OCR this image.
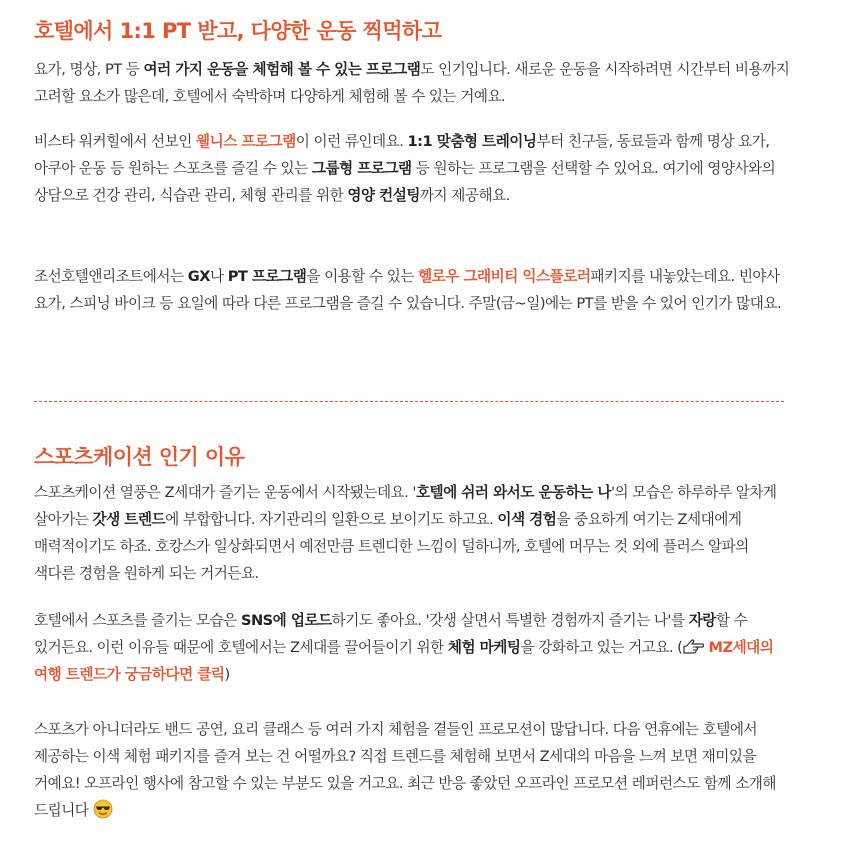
호텔에서 1:1 PT 받고, 다양한 운동 찍먹하고

요가, 명상, PT 등 여러 가지 운동을 체험해 볼 수 있는 프로그램도 인기입니다. 새로운 운동을 시작하려면 시간부터 비용까지 고려할 요소가 많은데, 호텔에서 숙박하며 다양하게 체험해 볼 수 있는 거예요.

비스타 워커힐에서 선보인 웰니스 프로그램이 이런 류인데요. 1:1 맞춤형 트레이닝부터 친구들, 동료들과 함께 명상 요가, 아쿠아 운동 등 원하는 스포츠를 즐길 수 있는 그룹형 프로그램 등 원하는 프로그램을 선택할 수 있어요. 여기에 영양사와의 상담으로 건강 관리, 식습관 관리, 체형 관리를 위한 영양 컨설팅까지 제공해요.

조선호텔앤리조트에서는 GX나 PT 프로그램을 이용할 수 있는 헬로우 그래비티 익스플로러패키지를 내놓았는데요. 빈야사 요가, 스피닝 바이크 등 요일에 따라 다른 프로그램을 즐길 수 있습니다. 주말(금~일)에는 PT를 받을 수 있어 인기가 많대요.

스포츠케이션 인기 이유

스포츠케이션 열풍은 Z세대가 즐기는 운동에서 시작됐는데요. '호텔에 쉬러 와서도 운동하는 나'의 모습은 하루하루 알차게 살아가는 갓생 트렌드에 부합합니다. 자기관리의 일환으로 보이기도 하고요. 이색 경험을 중요하게 여기는 Z세대에게 매력적이기도 하죠. 호캉스가 일상화되면서 예전만큼 트렌디한 느낌이 덜하니까, 호텔에 머무는 것 외에 플러스 알파의 색다른 경험을 원하게 되는 거거든요.

호텔에서 스포츠를 즐기는 모습은 SNS에 업로드하기도 좋아요. '갓생 살면서 특별한 경험까지 즐기는 나'를 자랑할 수 있거든요. 이런 이유들 때문에 호텔에서는 Z세대를 끌어들이기 위한 체험 마케팅을 강화하고 있는 거고요. ( MZ세대의 여행 트렌드가 궁금하다면 클릭)

스포츠가 아니더라도 밴드 공연, 요리 클래스 등 여러 가지 체험을 곁들인 프로모션이 많답니다. 다음 연휴에는 호텔에서 제공하는 이색 체험 패키지를 즐겨 보는 건 어떨까요? 직접 트렌드를 체험해 보면서 Z세대의 마음을 느껴 보면 재미있을 거예요! 오프라인 행사에 참고할 수 있는 부분도 있을 거고요. 최근 반응 좋았던 오프라인 프로모션 레퍼런스도 함께 소개해 드립니다
